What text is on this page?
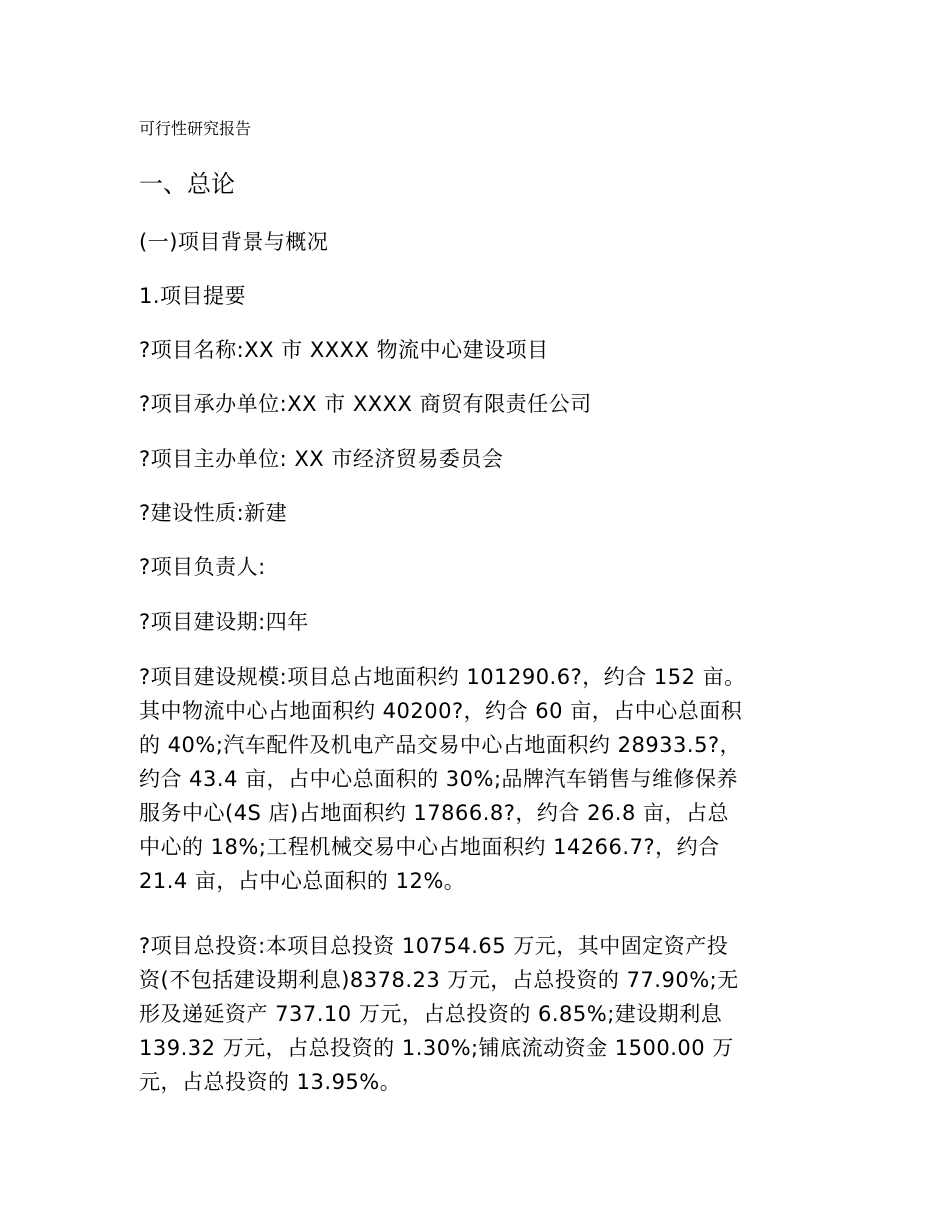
可行性研究报告
一、总论
(一)项目背景与概况
1.项目提要
?项目名称:XX 市 XXXX 物流中心建设项目
?项目承办单位:XX 市 XXXX 商贸有限责任公司
?项目主办单位: XX 市经济贸易委员会
?建设性质:新建
?项目负责人:
?项目建设期:四年
?项目建设规模:项目总占地面积约 101290.6?，约合 152 亩。
其中物流中心占地面积约 40200?，约合 60 亩，占中心总面积
的 40%;汽车配件及机电产品交易中心占地面积约 28933.5?，
约合 43.4 亩，占中心总面积的 30%;品牌汽车销售与维修保养
服务中心(4S 店)占地面积约 17866.8?，约合 26.8 亩，占总
中心的 18%;工程机械交易中心占地面积约 14266.7?，约合
21.4 亩，占中心总面积的 12%。
?项目总投资:本项目总投资 10754.65 万元，其中固定资产投
资(不包括建设期利息)8378.23 万元，占总投资的 77.90%;无
形及递延资产 737.10 万元，占总投资的 6.85%;建设期利息
139.32 万元，占总投资的 1.30%;铺底流动资金 1500.00 万
元，占总投资的 13.95%。
